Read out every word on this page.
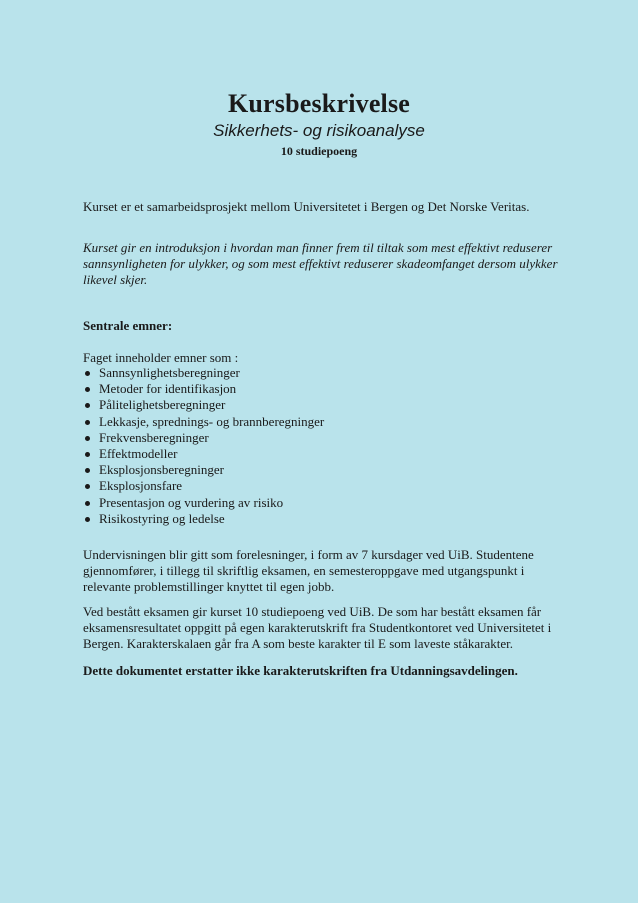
Kursbeskrivelse
Sikkerhets- og risikoanalyse
10 studiepoeng
Kurset er et samarbeidsprosjekt mellom Universitetet i Bergen og Det Norske Veritas.
Kurset gir en introduksjon i hvordan man finner frem til tiltak som mest effektivt reduserer sannsynligheten for ulykker, og som mest effektivt reduserer skadeomfanget dersom ulykker likevel skjer.
Sentrale emner:
Faget inneholder emner som :
Sannsynlighetsberegninger
Metoder for identifikasjon
Pålitelighetsberegninger
Lekkasje, sprednings- og brannberegninger
Frekvensberegninger
Effektmodeller
Eksplosjonsberegninger
Eksplosjonsfare
Presentasjon og vurdering av risiko
Risikostyring og ledelse
Undervisningen blir gitt som forelesninger, i form av 7 kursdager ved UiB. Studentene gjennomfører, i tillegg til skriftlig eksamen, en semesteroppgave med utgangspunkt i relevante problemstillinger knyttet til egen jobb.
Ved bestått eksamen gir kurset 10 studiepoeng ved UiB. De som har bestått eksamen får eksamensresultatet oppgitt på egen karakterutskrift fra Studentkontoret ved Universitetet i Bergen. Karakterskalaen går fra A som beste karakter til E som laveste ståkarakter.
Dette dokumentet erstatter ikke karakterutskriften fra Utdanningsavdelingen.
